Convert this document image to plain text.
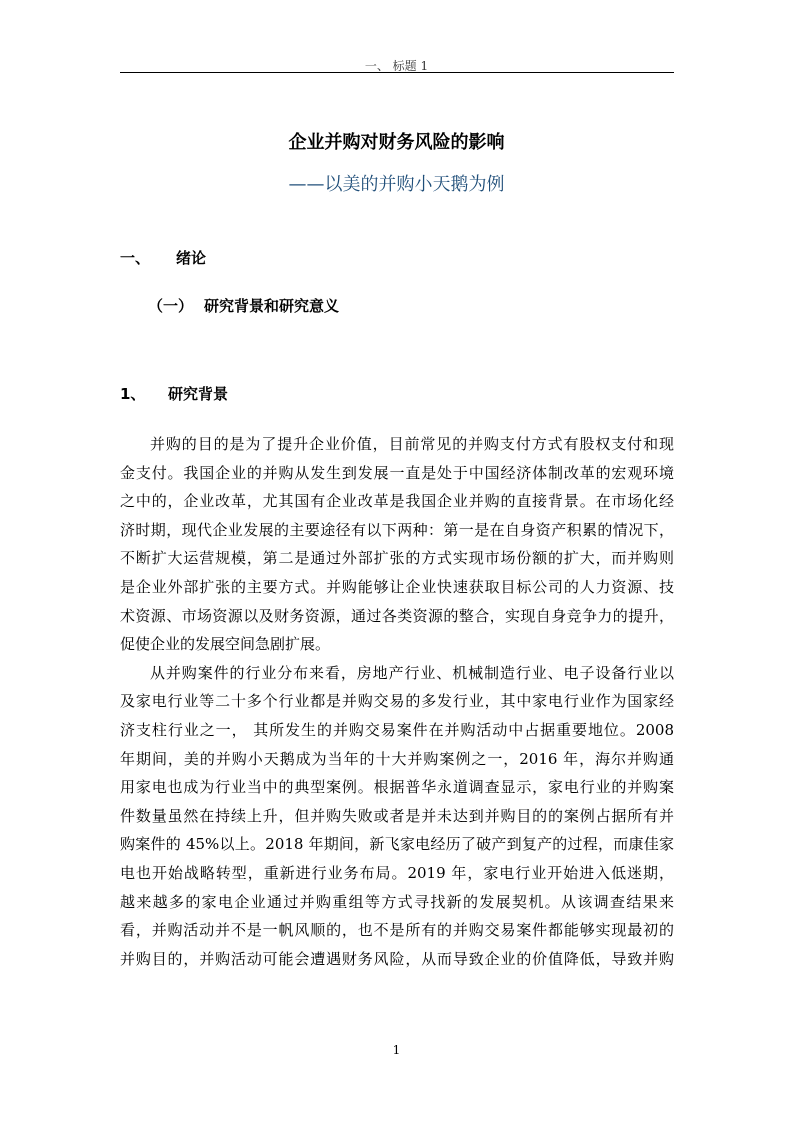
一、 标题 1
企业并购对财务风险的影响
——以美的并购小天鹅为例
一、 绪论
（一） 研究背景和研究意义
1、 研究背景
并购的目的是为了提升企业价值，目前常见的并购支付方式有股权支付和现
金支付。我国企业的并购从发生到发展一直是处于中国经济体制改革的宏观环境
之中的，企业改革，尤其国有企业改革是我国企业并购的直接背景。在市场化经
济时期，现代企业发展的主要途径有以下两种：第一是在自身资产积累的情况下，
不断扩大运营规模，第二是通过外部扩张的方式实现市场份额的扩大，而并购则
是企业外部扩张的主要方式。并购能够让企业快速获取目标公司的人力资源、技
术资源、市场资源以及财务资源，通过各类资源的整合，实现自身竞争力的提升，
促使企业的发展空间急剧扩展。
从并购案件的行业分布来看，房地产行业、机械制造行业、电子设备行业以
及家电行业等二十多个行业都是并购交易的多发行业，其中家电行业作为国家经
济支柱行业之一， 其所发生的并购交易案件在并购活动中占据重要地位。2008
年期间，美的并购小天鹅成为当年的十大并购案例之一，2016 年，海尔并购通
用家电也成为行业当中的典型案例。根据普华永道调查显示，家电行业的并购案
件数量虽然在持续上升，但并购失败或者是并未达到并购目的的案例占据所有并
购案件的 45%以上。2018 年期间，新飞家电经历了破产到复产的过程，而康佳家
电也开始战略转型，重新进行业务布局。2019 年，家电行业开始进入低迷期，
越来越多的家电企业通过并购重组等方式寻找新的发展契机。从该调查结果来
看，并购活动并不是一帆风顺的，也不是所有的并购交易案件都能够实现最初的
并购目的，并购活动可能会遭遇财务风险，从而导致企业的价值降低，导致并购
1
